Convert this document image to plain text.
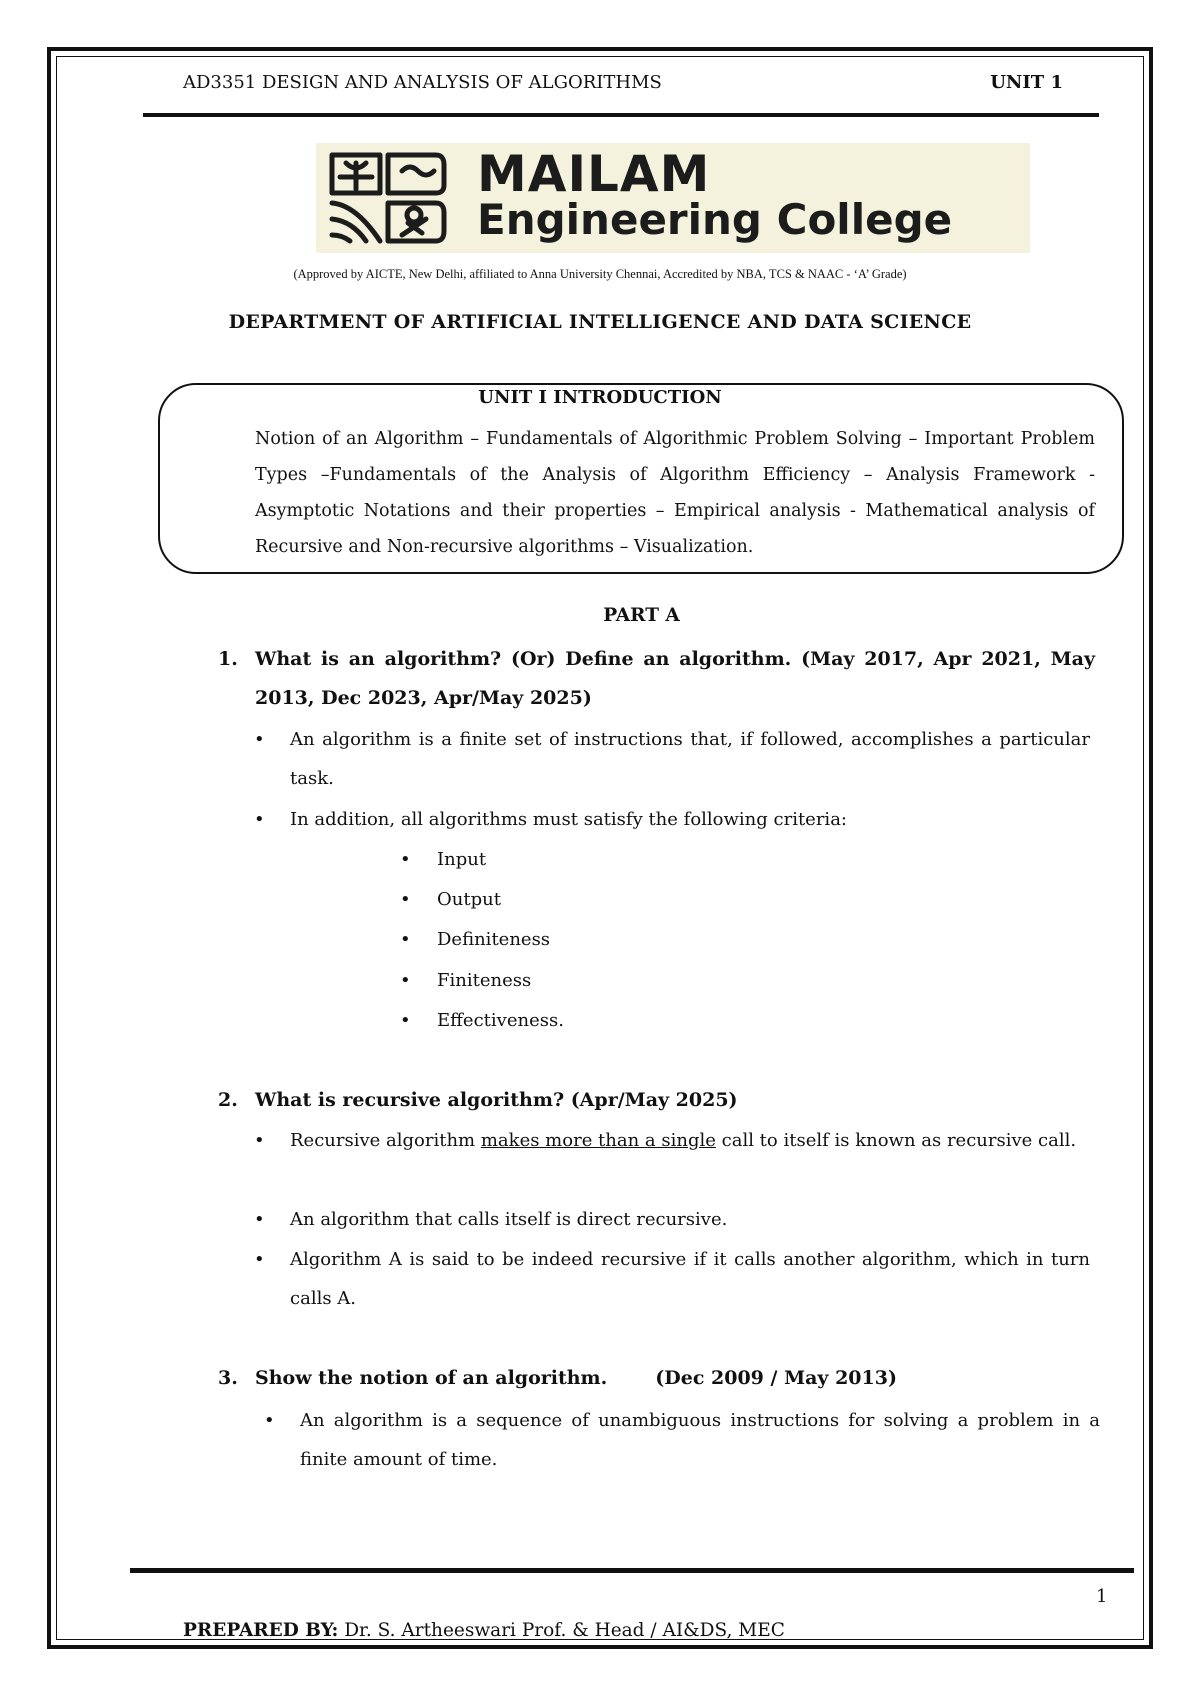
AD3351 DESIGN AND ANALYSIS OF ALGORITHMS	UNIT 1
MAILAM
Engineering College
(Approved by AICTE, New Delhi, affiliated to Anna University Chennai, Accredited by NBA, TCS & NAAC - ‘A’ Grade)
DEPARTMENT OF ARTIFICIAL INTELLIGENCE AND DATA SCIENCE
UNIT I INTRODUCTION
Notion of an Algorithm – Fundamentals of Algorithmic Problem Solving – Important Problem Types –Fundamentals of the Analysis of Algorithm Efficiency – Analysis Framework - Asymptotic Notations and their properties – Empirical analysis - Mathematical analysis of Recursive and Non-recursive algorithms – Visualization.
PART A
1. What is an algorithm? (Or) Define an algorithm. (May 2017, Apr 2021, May 2013, Dec 2023, Apr/May 2025)
• An algorithm is a finite set of instructions that, if followed, accomplishes a particular task.
• In addition, all algorithms must satisfy the following criteria:
• Input
• Output
• Definiteness
• Finiteness
• Effectiveness.
2. What is recursive algorithm? (Apr/May 2025)
• Recursive algorithm makes more than a single call to itself is known as recursive call.
• An algorithm that calls itself is direct recursive.
• Algorithm A is said to be indeed recursive if it calls another algorithm, which in turn calls A.
3. Show the notion of an algorithm.	(Dec 2009 / May 2013)
• An algorithm is a sequence of unambiguous instructions for solving a problem in a finite amount of time.
1
PREPARED BY: Dr. S. Artheeswari Prof. & Head / AI&DS, MEC
